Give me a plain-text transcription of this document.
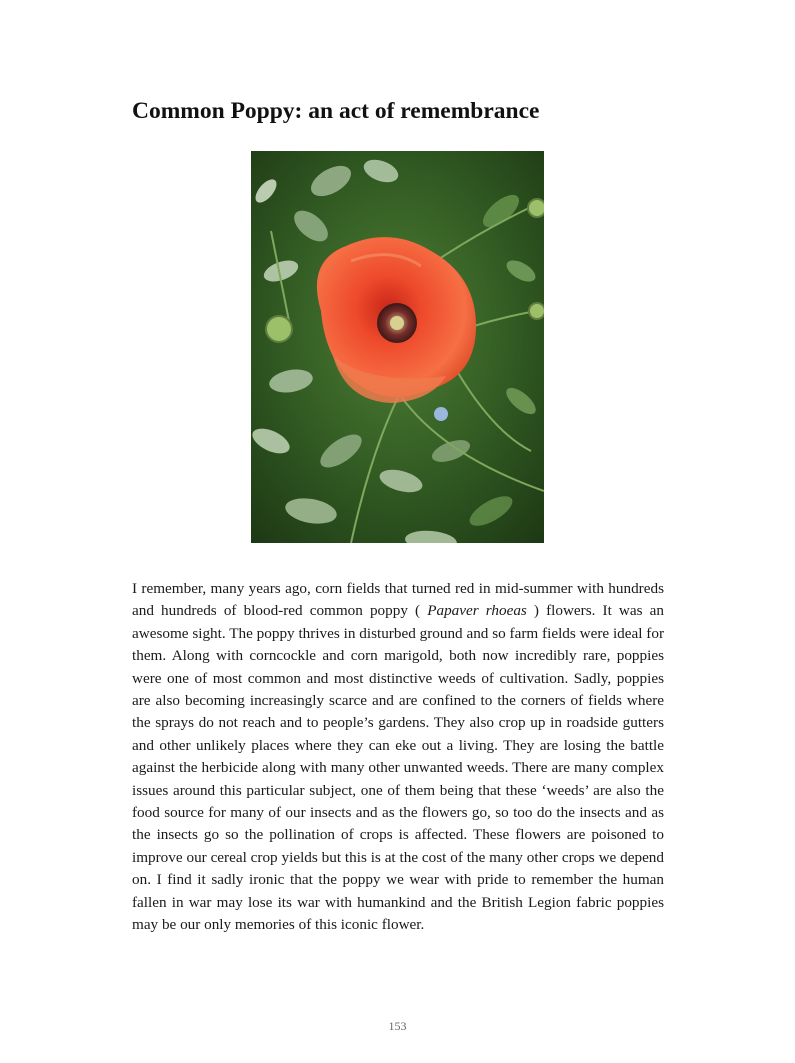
Common Poppy: an act of remembrance

I remember, many years ago, corn fields that turned red in mid-summer with hundreds and hundreds of blood-red common poppy ( Papaver rhoeas ) flowers. It was an awesome sight. The poppy thrives in disturbed ground and so farm fields were ideal for them. Along with corncockle and corn marigold, both now incredibly rare, poppies were one of most common and most distinctive weeds of cultivation. Sadly, poppies are also becoming increasingly scarce and are confined to the corners of fields where the sprays do not reach and to people’s gardens. They also crop up in roadside gutters and other unlikely places where they can eke out a living. They are losing the battle against the herbicide along with many other unwanted weeds. There are many complex issues around this particular subject, one of them being that these ‘weeds’ are also the food source for many of our insects and as the flowers go, so too do the insects and as the insects go so the pollination of crops is affected. These flowers are poisoned to improve our cereal crop yields but this is at the cost of the many other crops we depend on. I find it sadly ironic that the poppy we wear with pride to remember the human fallen in war may lose its war with humankind and the British Legion fabric poppies may be our only memories of this iconic flower.

153
